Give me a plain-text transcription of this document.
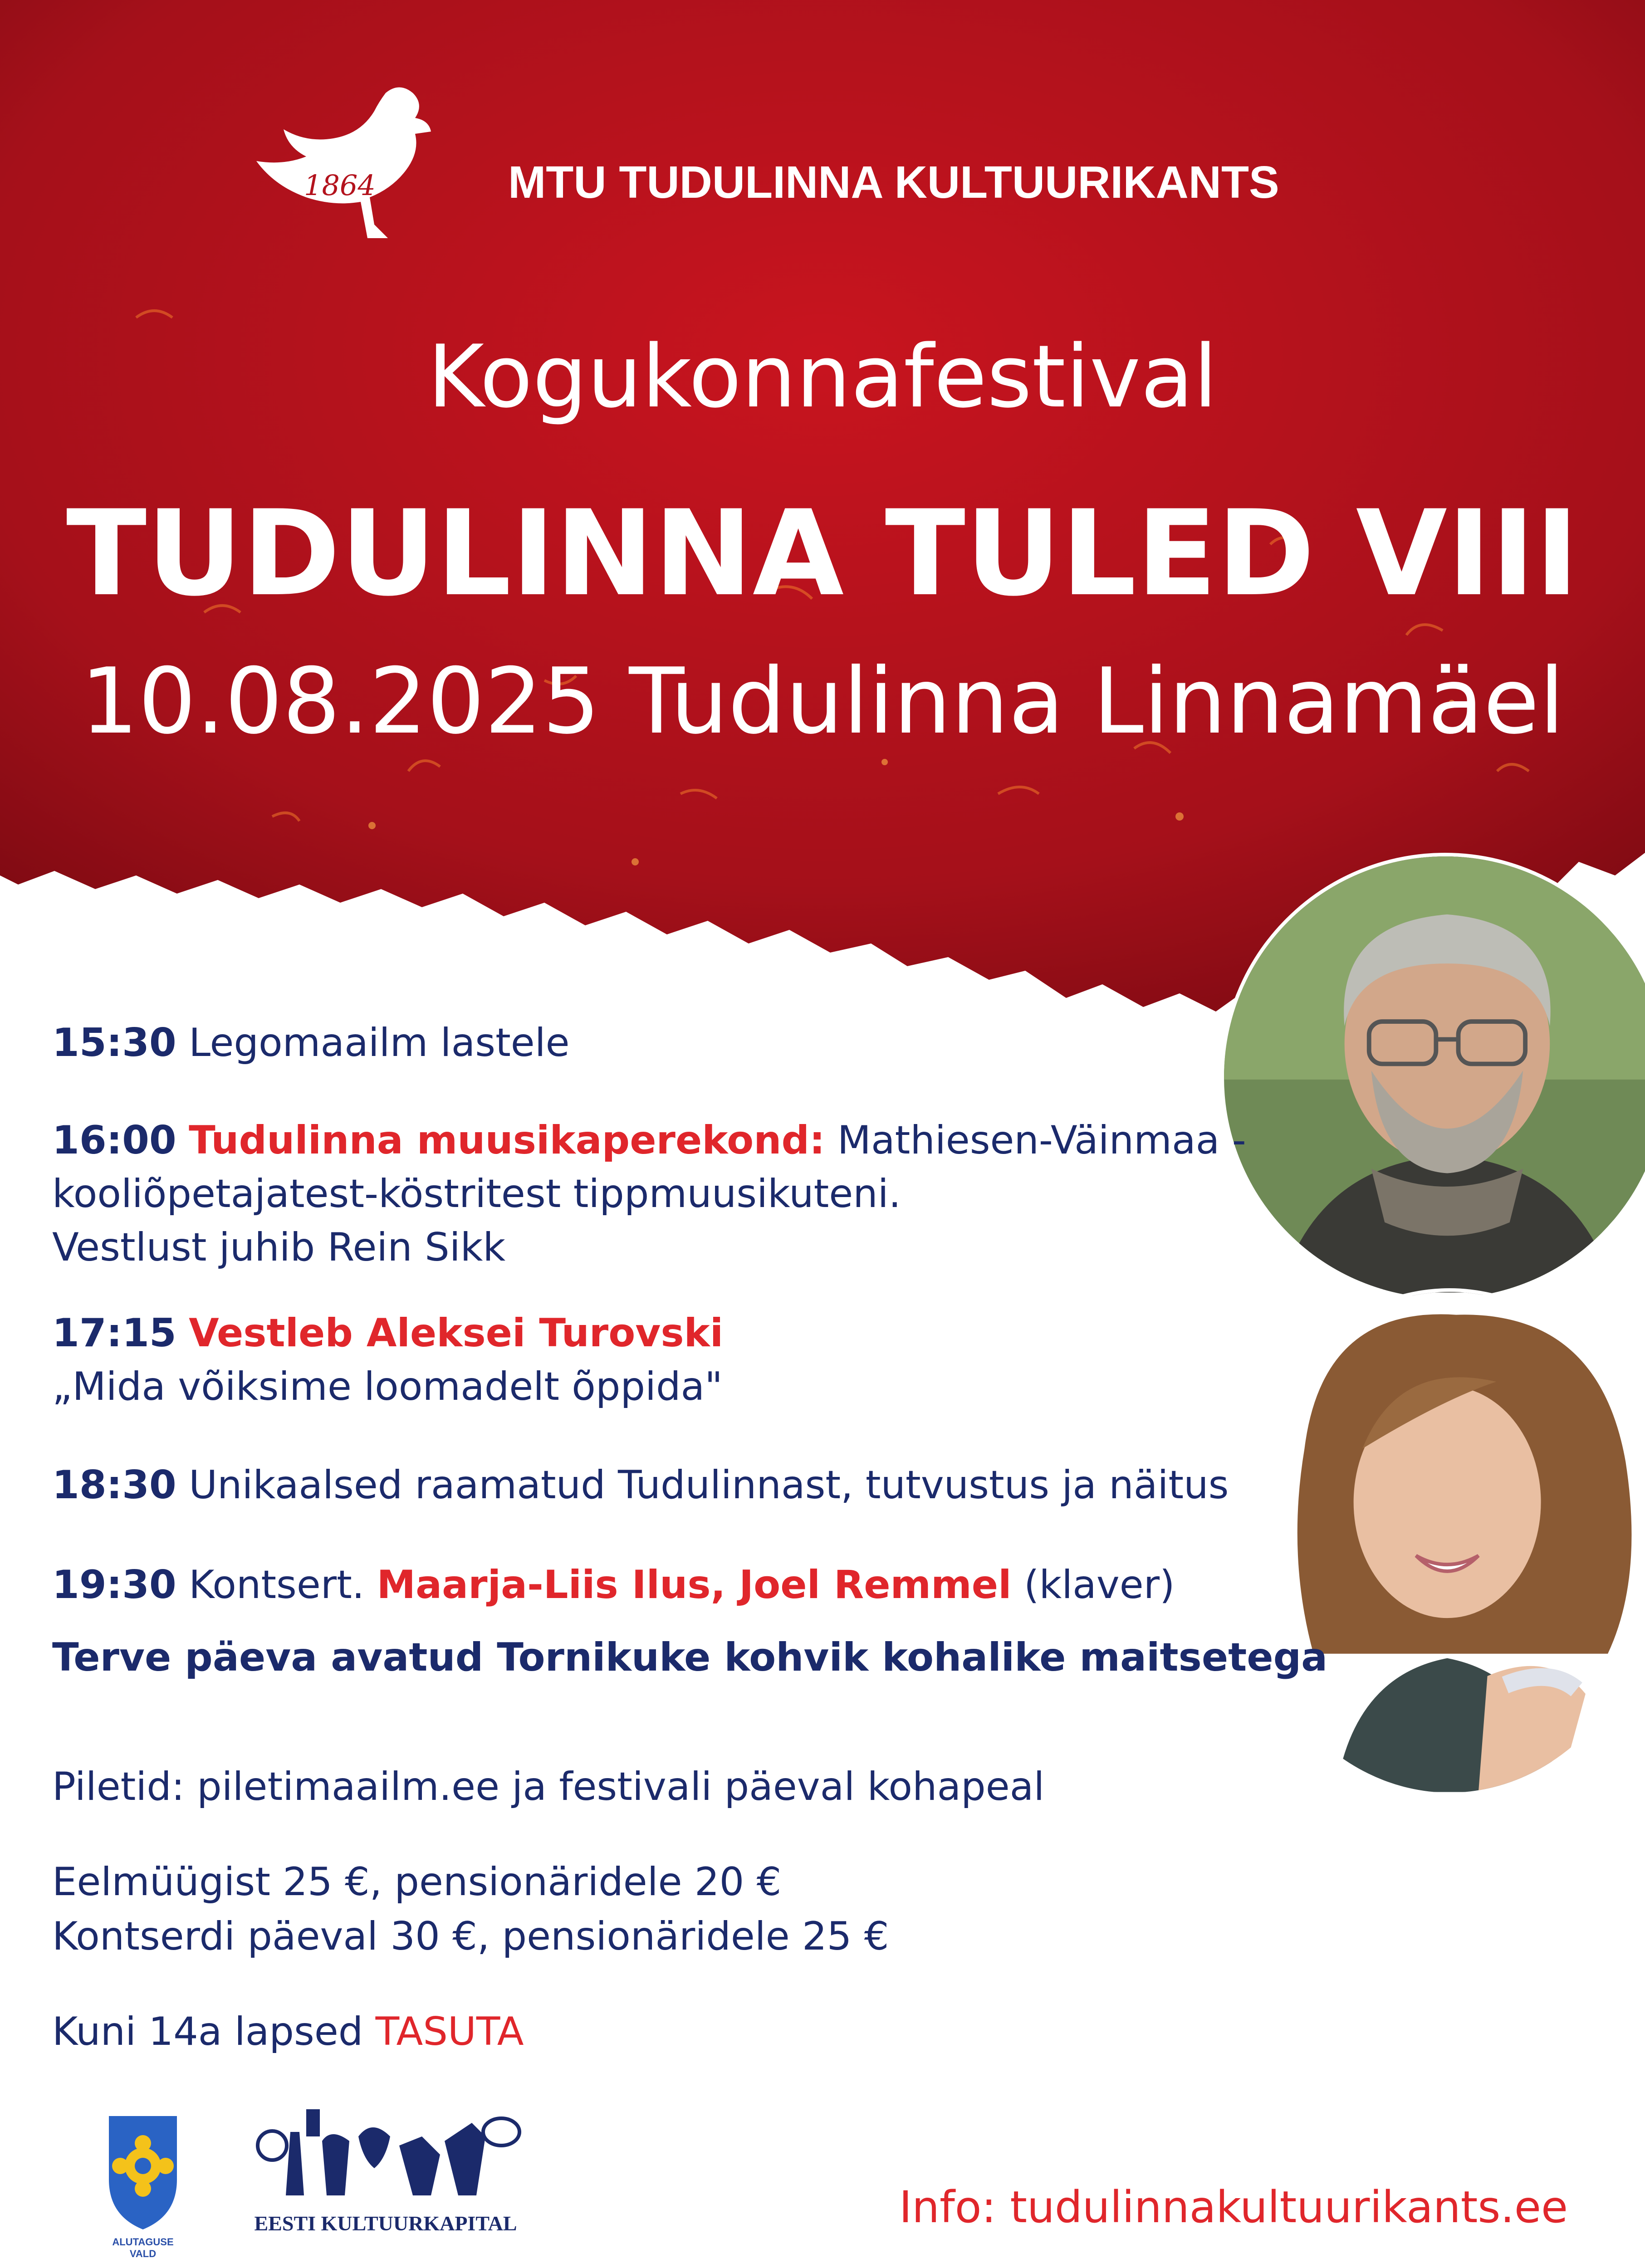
1864	MTU TUDULINNA KULTUURIKANTS
Kogukonnafestival
TUDULINNA TULED VIII
10.08.2025 Tudulinna Linnamäel
15:30 Legomaailm lastele
16:00 Tudulinna muusikaperekond: Mathiesen-Väinmaa -
kooliõpetajatest-köstritest tippmuusikuteni.
Vestlust juhib Rein Sikk
17:15 Vestleb Aleksei Turovski
„Mida võiksime loomadelt õppida"
18:30 Unikaalsed raamatud Tudulinnast, tutvustus ja näitus
19:30 Kontsert. Maarja-Liis Ilus, Joel Remmel (klaver)
Terve päeva avatud Tornikuke kohvik kohalike maitsetega
Piletid: piletimaailm.ee ja festivali päeval kohapeal
Eelmüügist 25 €, pensionäridele 20 €
Kontserdi päeval 30 €, pensionäridele 25 €
Kuni 14a lapsed TASUTA
ALUTAGUSE
VALD
EESTI KULTUURKAPITAL	Info: tudulinnakultuurikants.ee
